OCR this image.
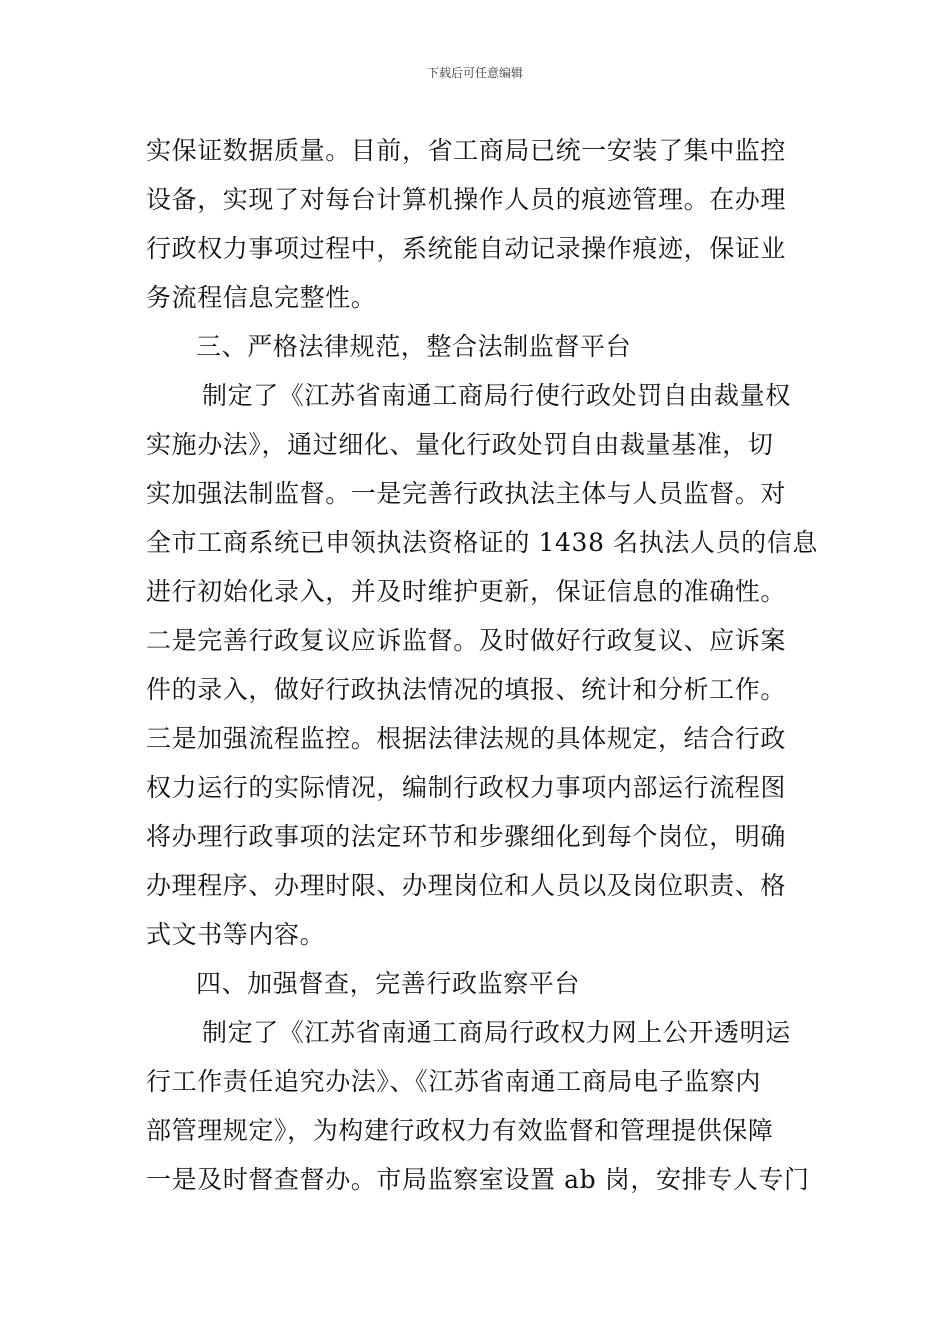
下载后可任意编辑
实保证数据质量。目前，省工商局已统一安装了集中监控
设备，实现了对每台计算机操作人员的痕迹管理。在办理
行政权力事项过程中，系统能自动记录操作痕迹，保证业
务流程信息完整性。
三、严格法律规范，整合法制监督平台
制定了《江苏省南通工商局行使行政处罚自由裁量权
实施办法》，通过细化、量化行政处罚自由裁量基准，切
实加强法制监督。一是完善行政执法主体与人员监督。对
全市工商系统已申领执法资格证的 1438 名执法人员的信息
进行初始化录入，并及时维护更新，保证信息的准确性。
二是完善行政复议应诉监督。及时做好行政复议、应诉案
件的录入，做好行政执法情况的填报、统计和分析工作。
三是加强流程监控。根据法律法规的具体规定，结合行政
权力运行的实际情况，编制行政权力事项内部运行流程图
将办理行政事项的法定环节和步骤细化到每个岗位，明确
办理程序、办理时限、办理岗位和人员以及岗位职责、格
式文书等内容。
四、加强督查，完善行政监察平台
制定了《江苏省南通工商局行政权力网上公开透明运
行工作责任追究办法》、《江苏省南通工商局电子监察内
部管理规定》，为构建行政权力有效监督和管理提供保障
一是及时督查督办。市局监察室设置 ab 岗，安排专人专门
